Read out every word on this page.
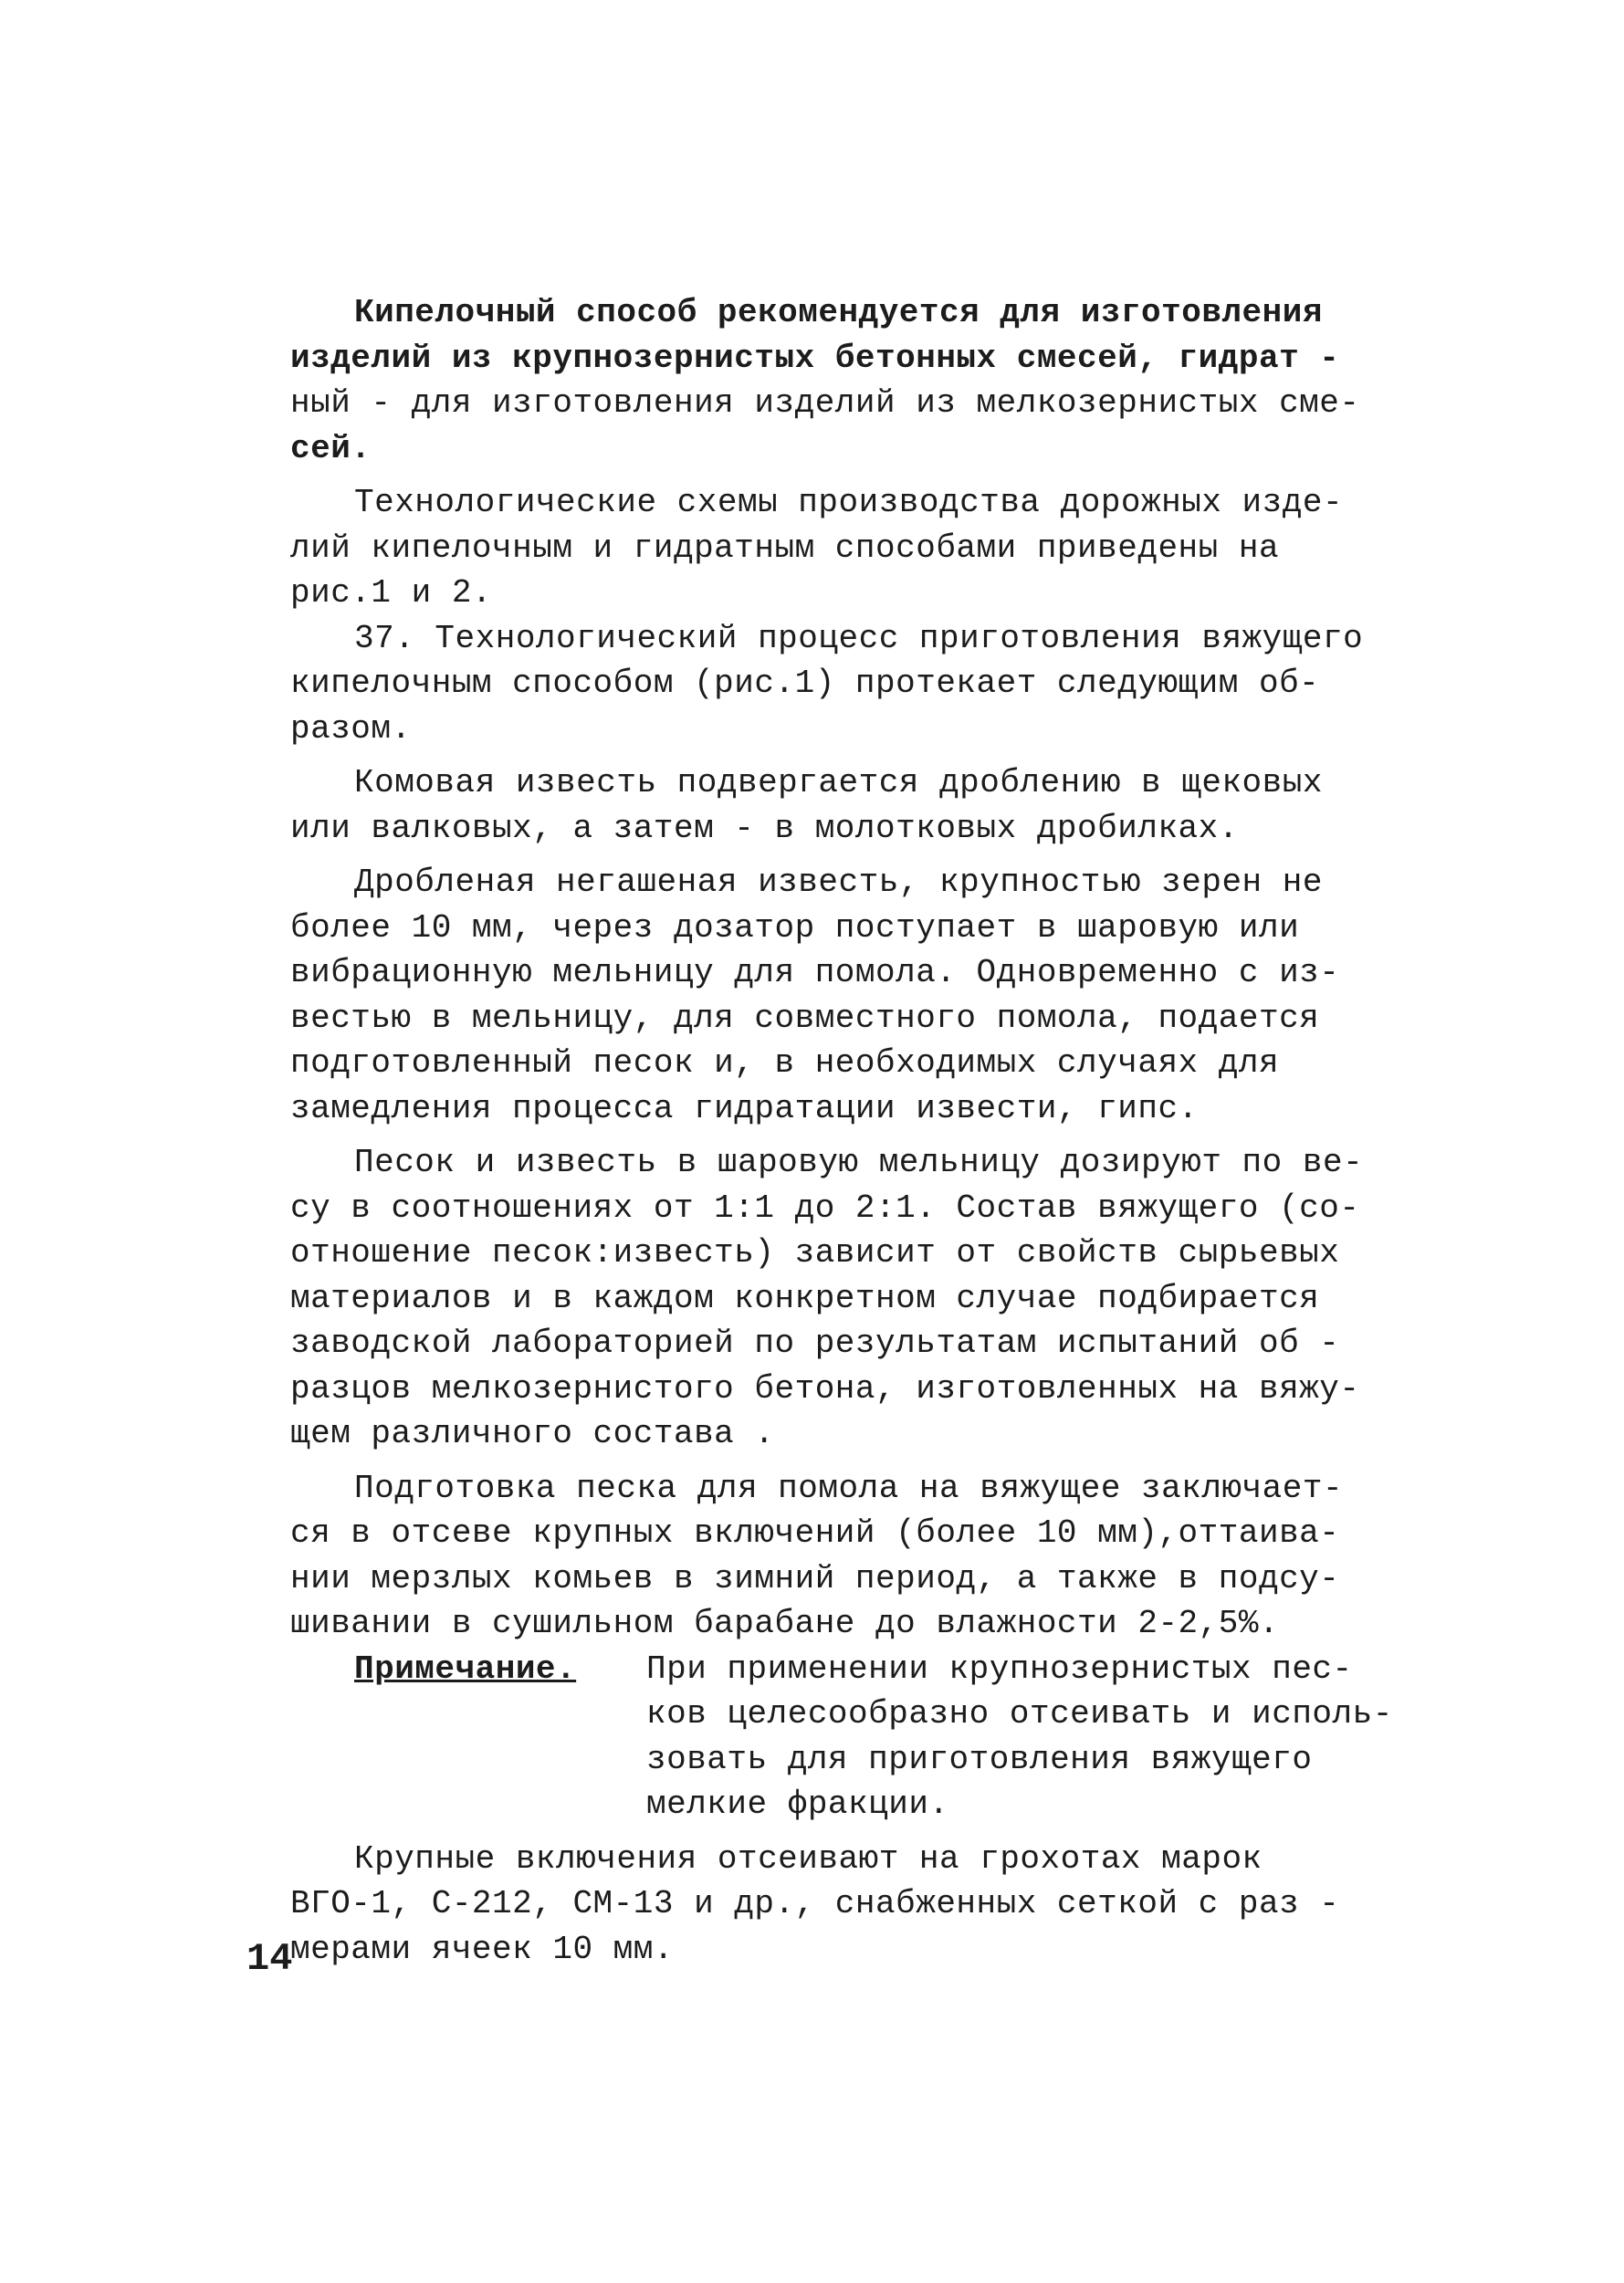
Кипелочный способ рекомендуется для изготовления
изделий из крупнозернистых бетонных смесей, гидрат -
ный - для изготовления изделий из мелкозернистых сме-
сей.
Технологические схемы производства дорожных изде-
лий кипелочным и гидратным способами приведены на
рис.1 и 2.
37. Технологический процесс приготовления вяжущего
кипелочным способом (рис.1) протекает следующим об-
разом.
Комовая известь подвергается дроблению в щековых
или валковых, а затем - в молотковых дробилках.
Дробленая негашеная известь, крупностью зерен не
более 10 мм, через дозатор поступает в шаровую или
вибрационную мельницу для помола. Одновременно с из-
вестью в мельницу, для совместного помола, подается
подготовленный песок и, в необходимых случаях для
замедления процесса гидратации извести, гипс.
Песок и известь в шаровую мельницу дозируют по ве-
су в соотношениях от 1:1 до 2:1. Состав вяжущего (со-
отношение песок:известь) зависит от свойств сырьевых
материалов и в каждом конкретном случае подбирается
заводской лабораторией по результатам испытаний об -
разцов мелкозернистого бетона, изготовленных на вяжу-
щем различного состава .
Подготовка песка для помола на вяжущее заключает-
ся в отсеве крупных включений (более 10 мм),оттаива-
нии мерзлых комьев в зимний период, а также в подсу-
шивании в сушильном барабане до влажности 2-2,5%.
Примечание.	При применении крупнозернистых пес-
ков целесообразно отсеивать и исполь-
зовать для приготовления вяжущего
мелкие фракции.
Крупные включения отсеивают на грохотах марок
ВГО-1, С-212, СМ-13 и др., снабженных сеткой с раз -
мерами ячеек 10 мм.
14
